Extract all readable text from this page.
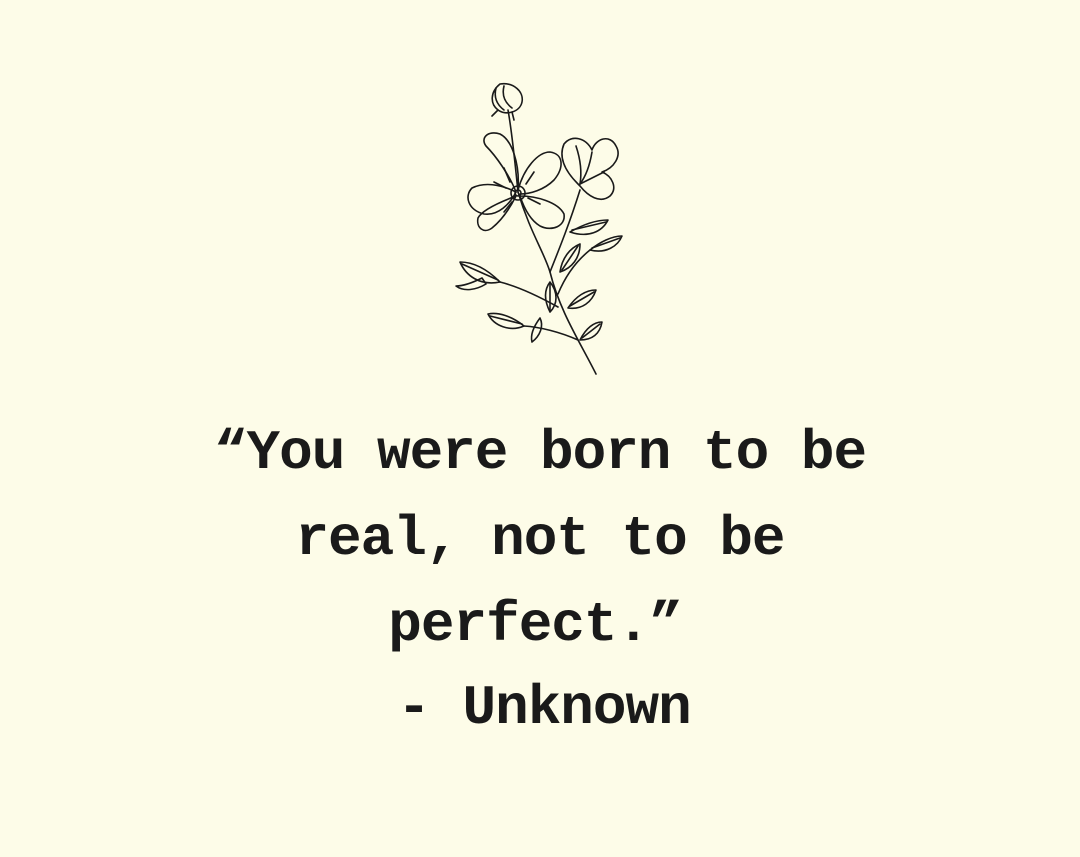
“You were born to be
real, not to be
perfect.”
- Unknown
